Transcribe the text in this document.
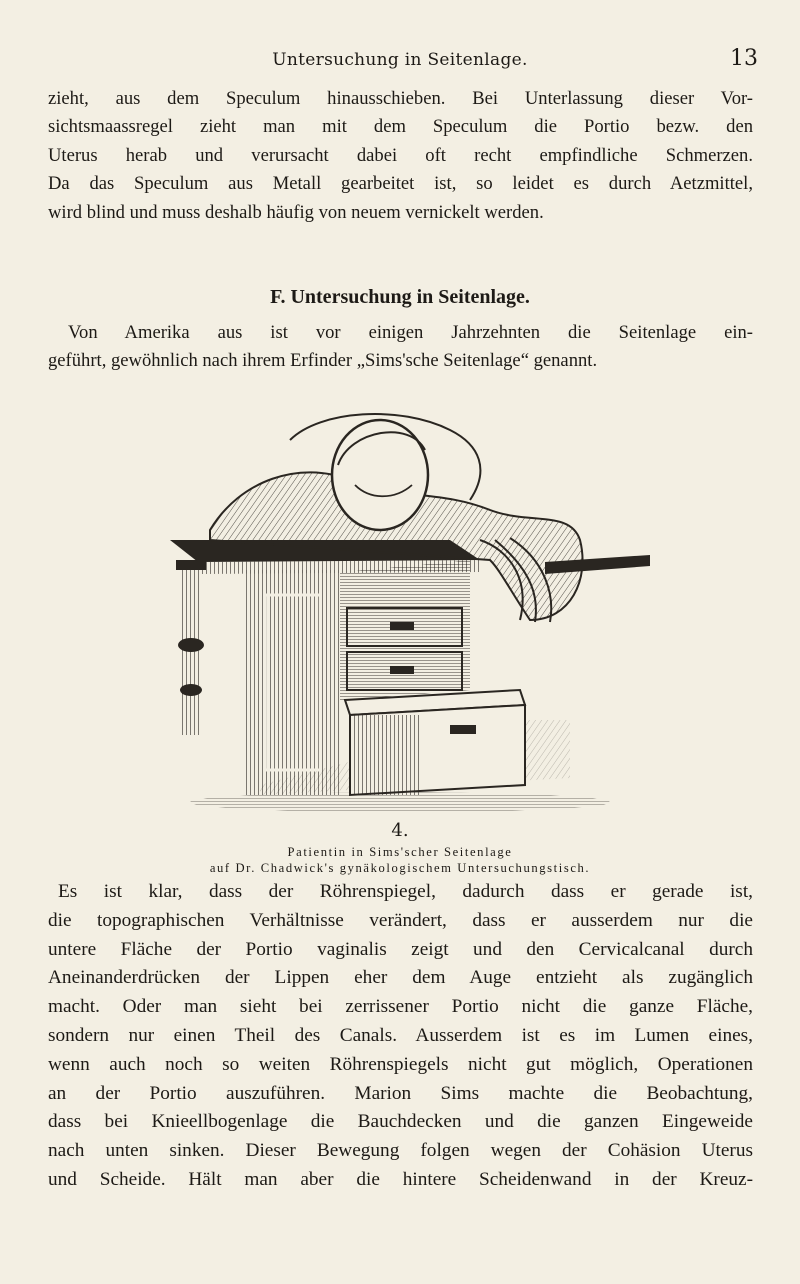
Untersuchung in Seitenlage.	13
zieht, aus dem Speculum hinausschieben. Bei Unterlassung dieser Vor-
sichtsmaassregel zieht man mit dem Speculum die Portio bezw. den
Uterus herab und verursacht dabei oft recht empfindliche Schmerzen.
Da das Speculum aus Metall gearbeitet ist, so leidet es durch Aetzmittel,
wird blind und muss deshalb häufig von neuem vernickelt werden.
F. Untersuchung in Seitenlage.
Von Amerika aus ist vor einigen Jahrzehnten die Seitenlage ein-
geführt, gewöhnlich nach ihrem Erfinder „Sims'sche Seitenlage“ genannt.
4.
Patientin in Sims'scher Seitenlage
auf Dr. Chadwick's gynäkologischem Untersuchungstisch.
Es ist klar, dass der Röhrenspiegel, dadurch dass er gerade ist,
die topographischen Verhältnisse verändert, dass er ausserdem nur die
untere Fläche der Portio vaginalis zeigt und den Cervicalcanal durch
Aneinanderdrücken der Lippen eher dem Auge entzieht als zugänglich
macht. Oder man sieht bei zerrissener Portio nicht die ganze Fläche,
sondern nur einen Theil des Canals. Ausserdem ist es im Lumen eines,
wenn auch noch so weiten Röhrenspiegels nicht gut möglich, Operationen
an der Portio auszuführen. Marion Sims machte die Beobachtung,
dass bei Knieellbogenlage die Bauchdecken und die ganzen Eingeweide
nach unten sinken. Dieser Bewegung folgen wegen der Cohäsion Uterus
und Scheide. Hält man aber die hintere Scheidenwand in der Kreuz-
